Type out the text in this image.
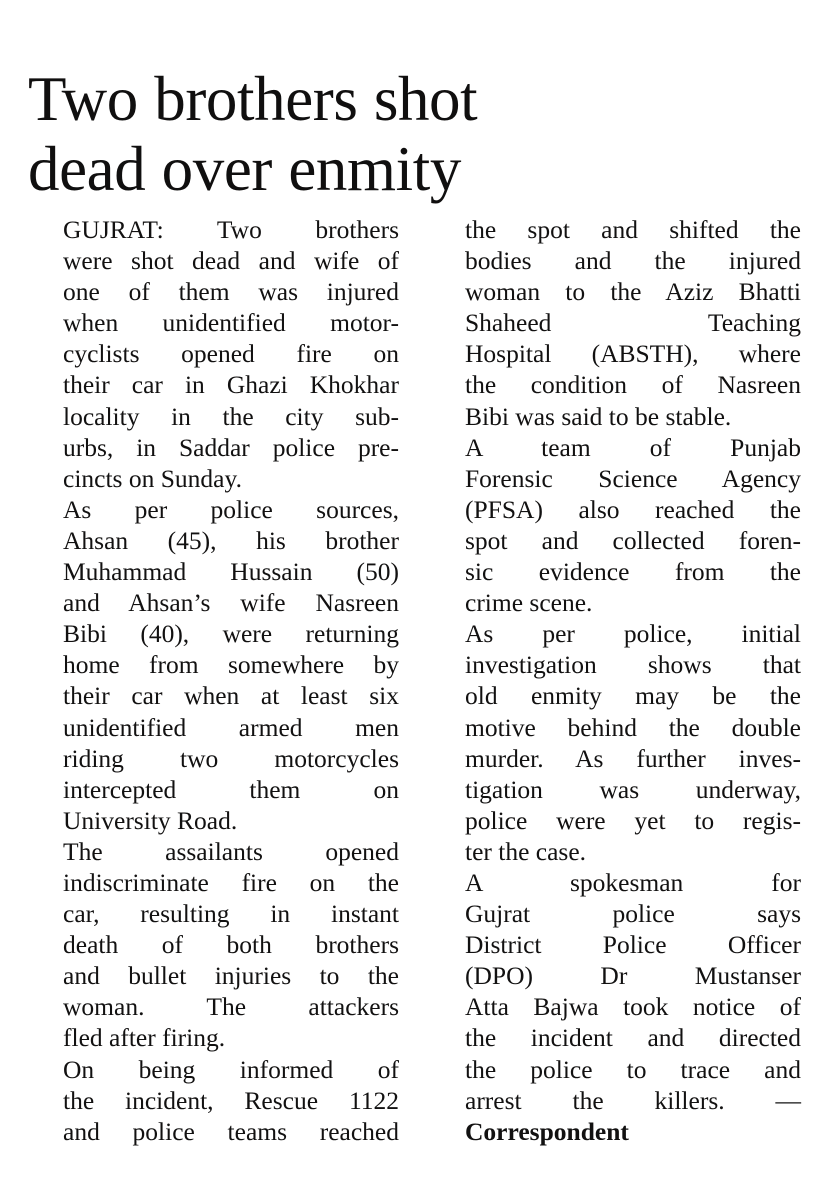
Two brothers shot
dead over enmity

GUJRAT: Two brothers
were shot dead and wife of
one of them was injured
when unidentified motor-
cyclists opened fire on
their car in Ghazi Khokhar
locality in the city sub-
urbs, in Saddar police pre-
cincts on Sunday.

As per police sources,
Ahsan (45), his brother
Muhammad Hussain (50)
and Ahsan’s wife Nasreen
Bibi (40), were returning
home from somewhere by
their car when at least six
unidentified armed men
riding two motorcycles
intercepted them on
University Road.

The assailants opened
indiscriminate fire on the
car, resulting in instant
death of both brothers
and bullet injuries to the
woman. The attackers
fled after firing.

On being informed of
the incident, Rescue 1122
and police teams reached

the spot and shifted the
bodies and the injured
woman to the Aziz Bhatti
Shaheed Teaching
Hospital (ABSTH), where
the condition of Nasreen
Bibi was said to be stable.

A team of Punjab
Forensic Science Agency
(PFSA) also reached the
spot and collected foren-
sic evidence from the
crime scene.

As per police, initial
investigation shows that
old enmity may be the
motive behind the double
murder. As further inves-
tigation was underway,
police were yet to regis-
ter the case.

A spokesman for
Gujrat police says
District Police Officer
(DPO) Dr Mustanser
Atta Bajwa took notice of
the incident and directed
the police to trace and
arrest the killers. —
Correspondent
